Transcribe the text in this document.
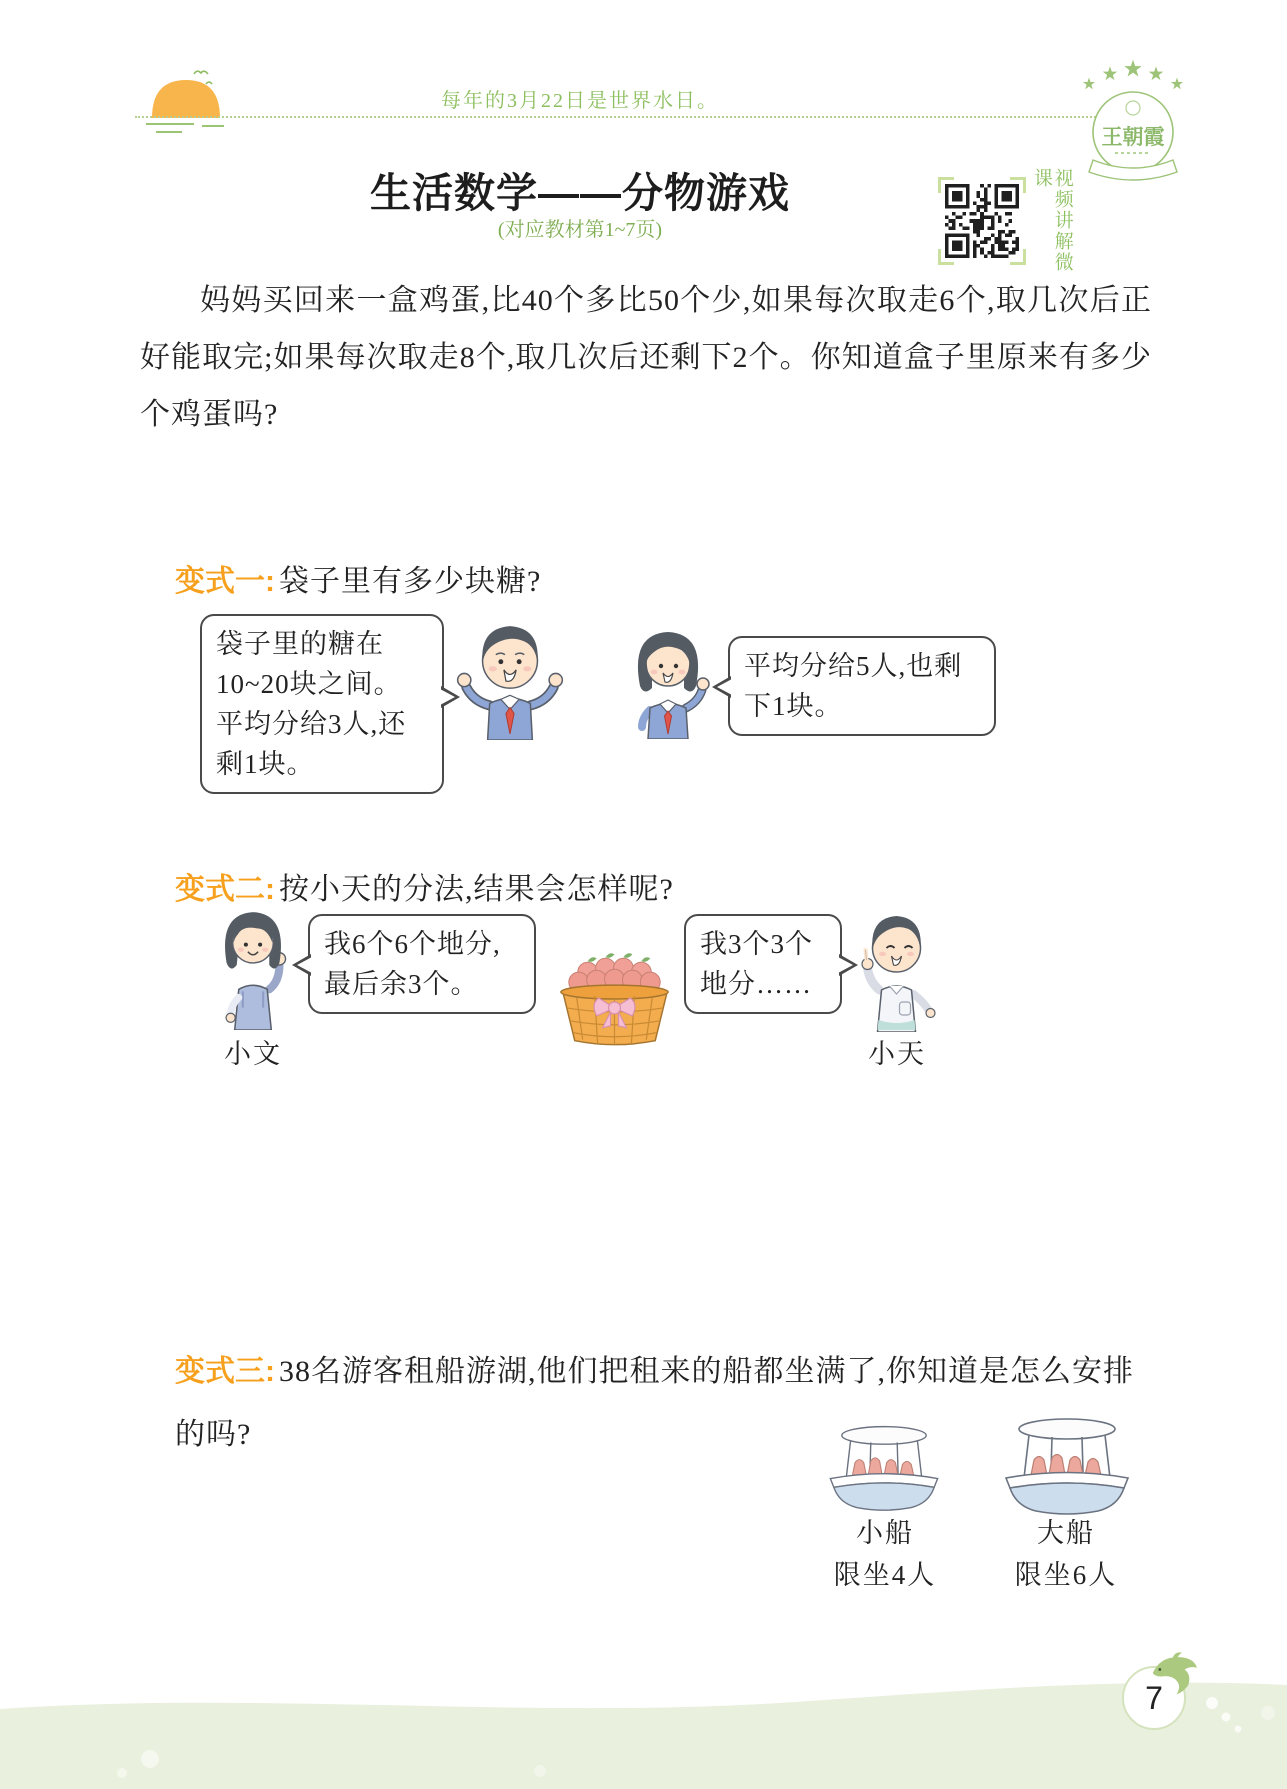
每年的3月22日是世界水日。
王朝霞
生活数学——分物游戏
(对应教材第1~7页)	视频讲解微课
妈妈买回来一盒鸡蛋,比40个多比50个少,如果每次取走6个,取几次后正好能取完;如果每次取走8个,取几次后还剩下2个。你知道盒子里原来有多少个鸡蛋吗?
变式一: 袋子里有多少块糖?
袋子里的糖在10~20块之间。平均分给3人,还剩1块。
平均分给5人,也剩下1块。
变式二: 按小天的分法,结果会怎样呢?
我6个6个地分,最后余3个。
我3个3个地分……
小文	小天
变式三: 38名游客租船游湖,他们把租来的船都坐满了,你知道是怎么安排的吗?
小船
限坐4人
大船
限坐6人
7
